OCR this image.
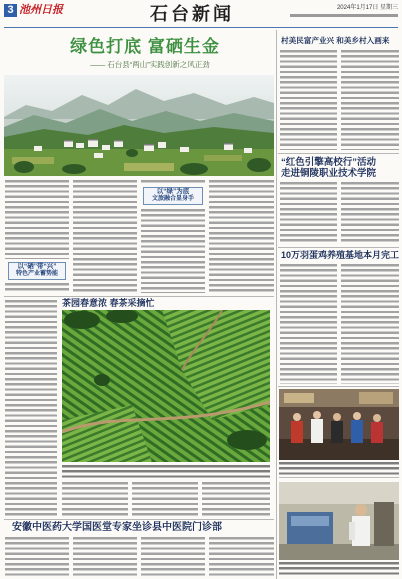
3 池州日报	石台新闻	2024年1月17日 星期三
绿色打底 富硒生金
—— 石台县“两山”实践创新之风正劲
以“硒”带“兴”
特色产业蓄势能
以“绿”为底
文旅融合显身手
茶园春意浓 春茶采摘忙
安徽中医药大学国医堂专家坐诊县中医院门诊部
村美民富产业兴 和美乡村入画来
“红色引擎高校行”活动
走进铜陵职业技术学院
10万羽蛋鸡养殖基地本月完工
